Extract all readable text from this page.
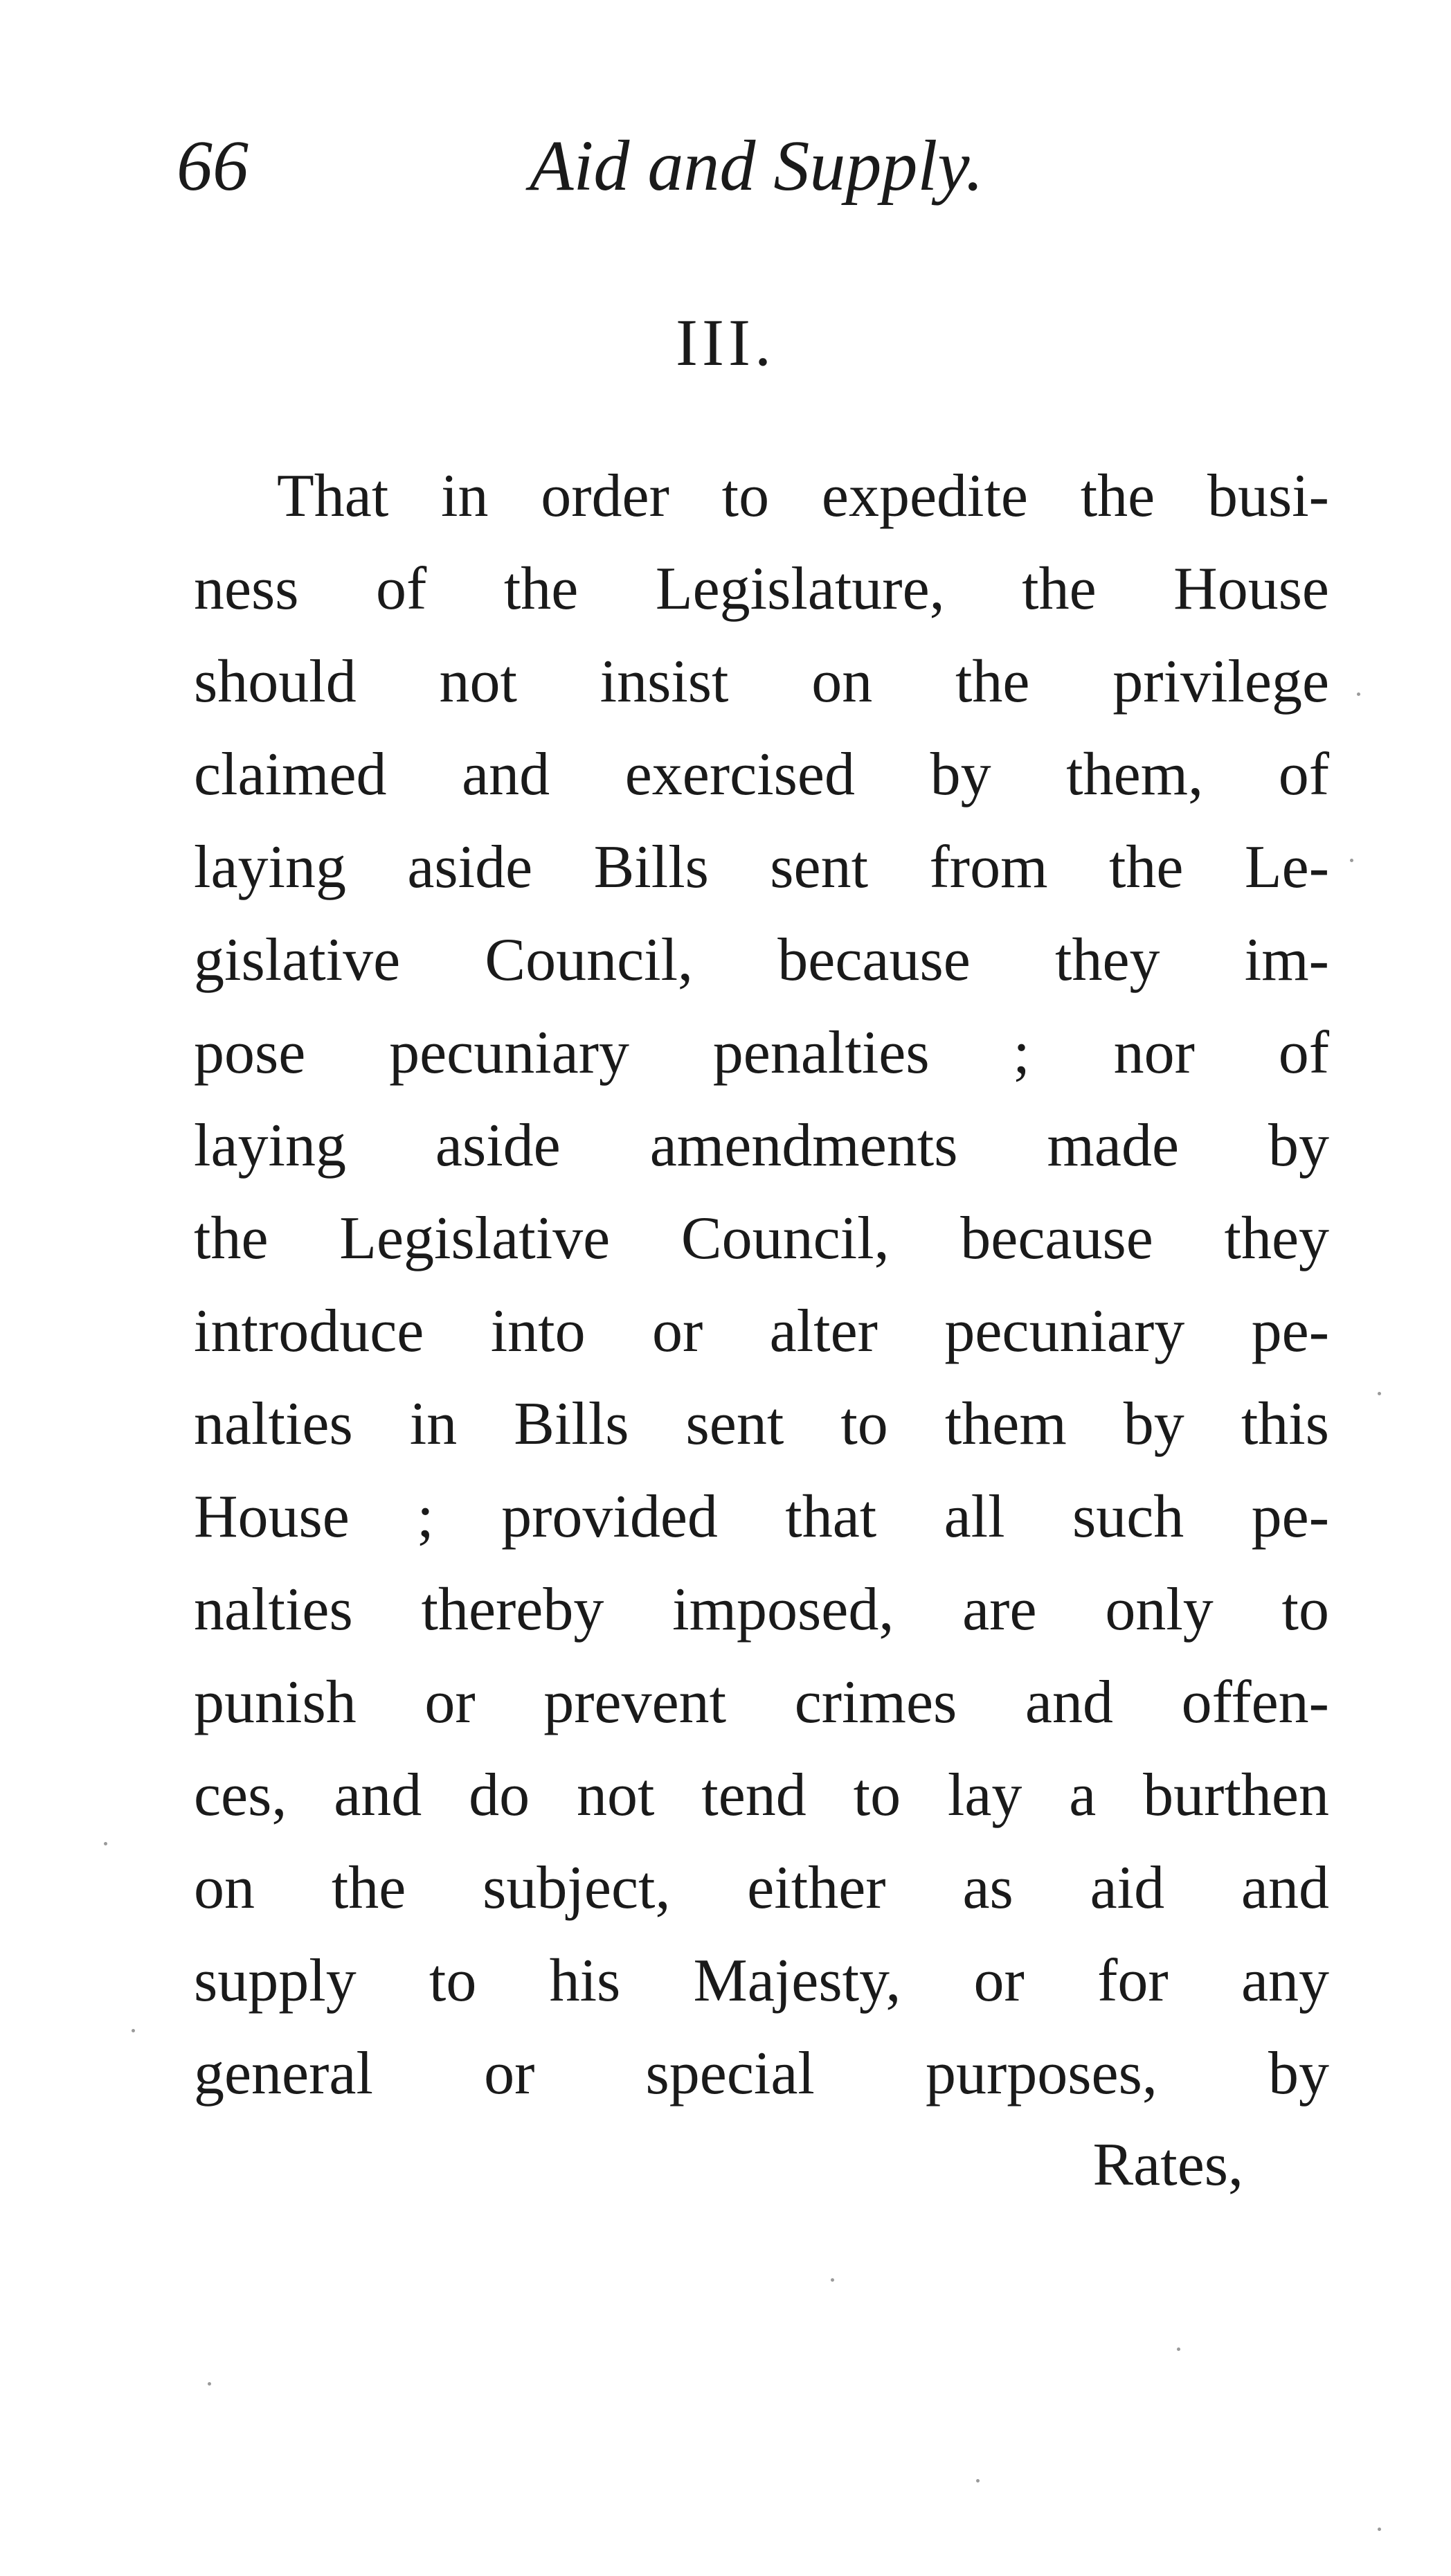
66	Aid and Supply.
III.
That in order to expedite the busi-
ness of the Legislature, the House
should not insist on the privilege
claimed and exercised by them, of
laying aside Bills sent from the Le-
gislative Council, because they im-
pose pecuniary penalties ; nor of
laying aside amendments made by
the Legislative Council, because they
introduce into or alter pecuniary pe-
nalties in Bills sent to them by this
House ; provided that all such pe-
nalties thereby imposed, are only to
punish or prevent crimes and offen-
ces, and do not tend to lay a burthen
on the subject, either as aid and
supply to his Majesty, or for any
general or special purposes, by
Rates,
